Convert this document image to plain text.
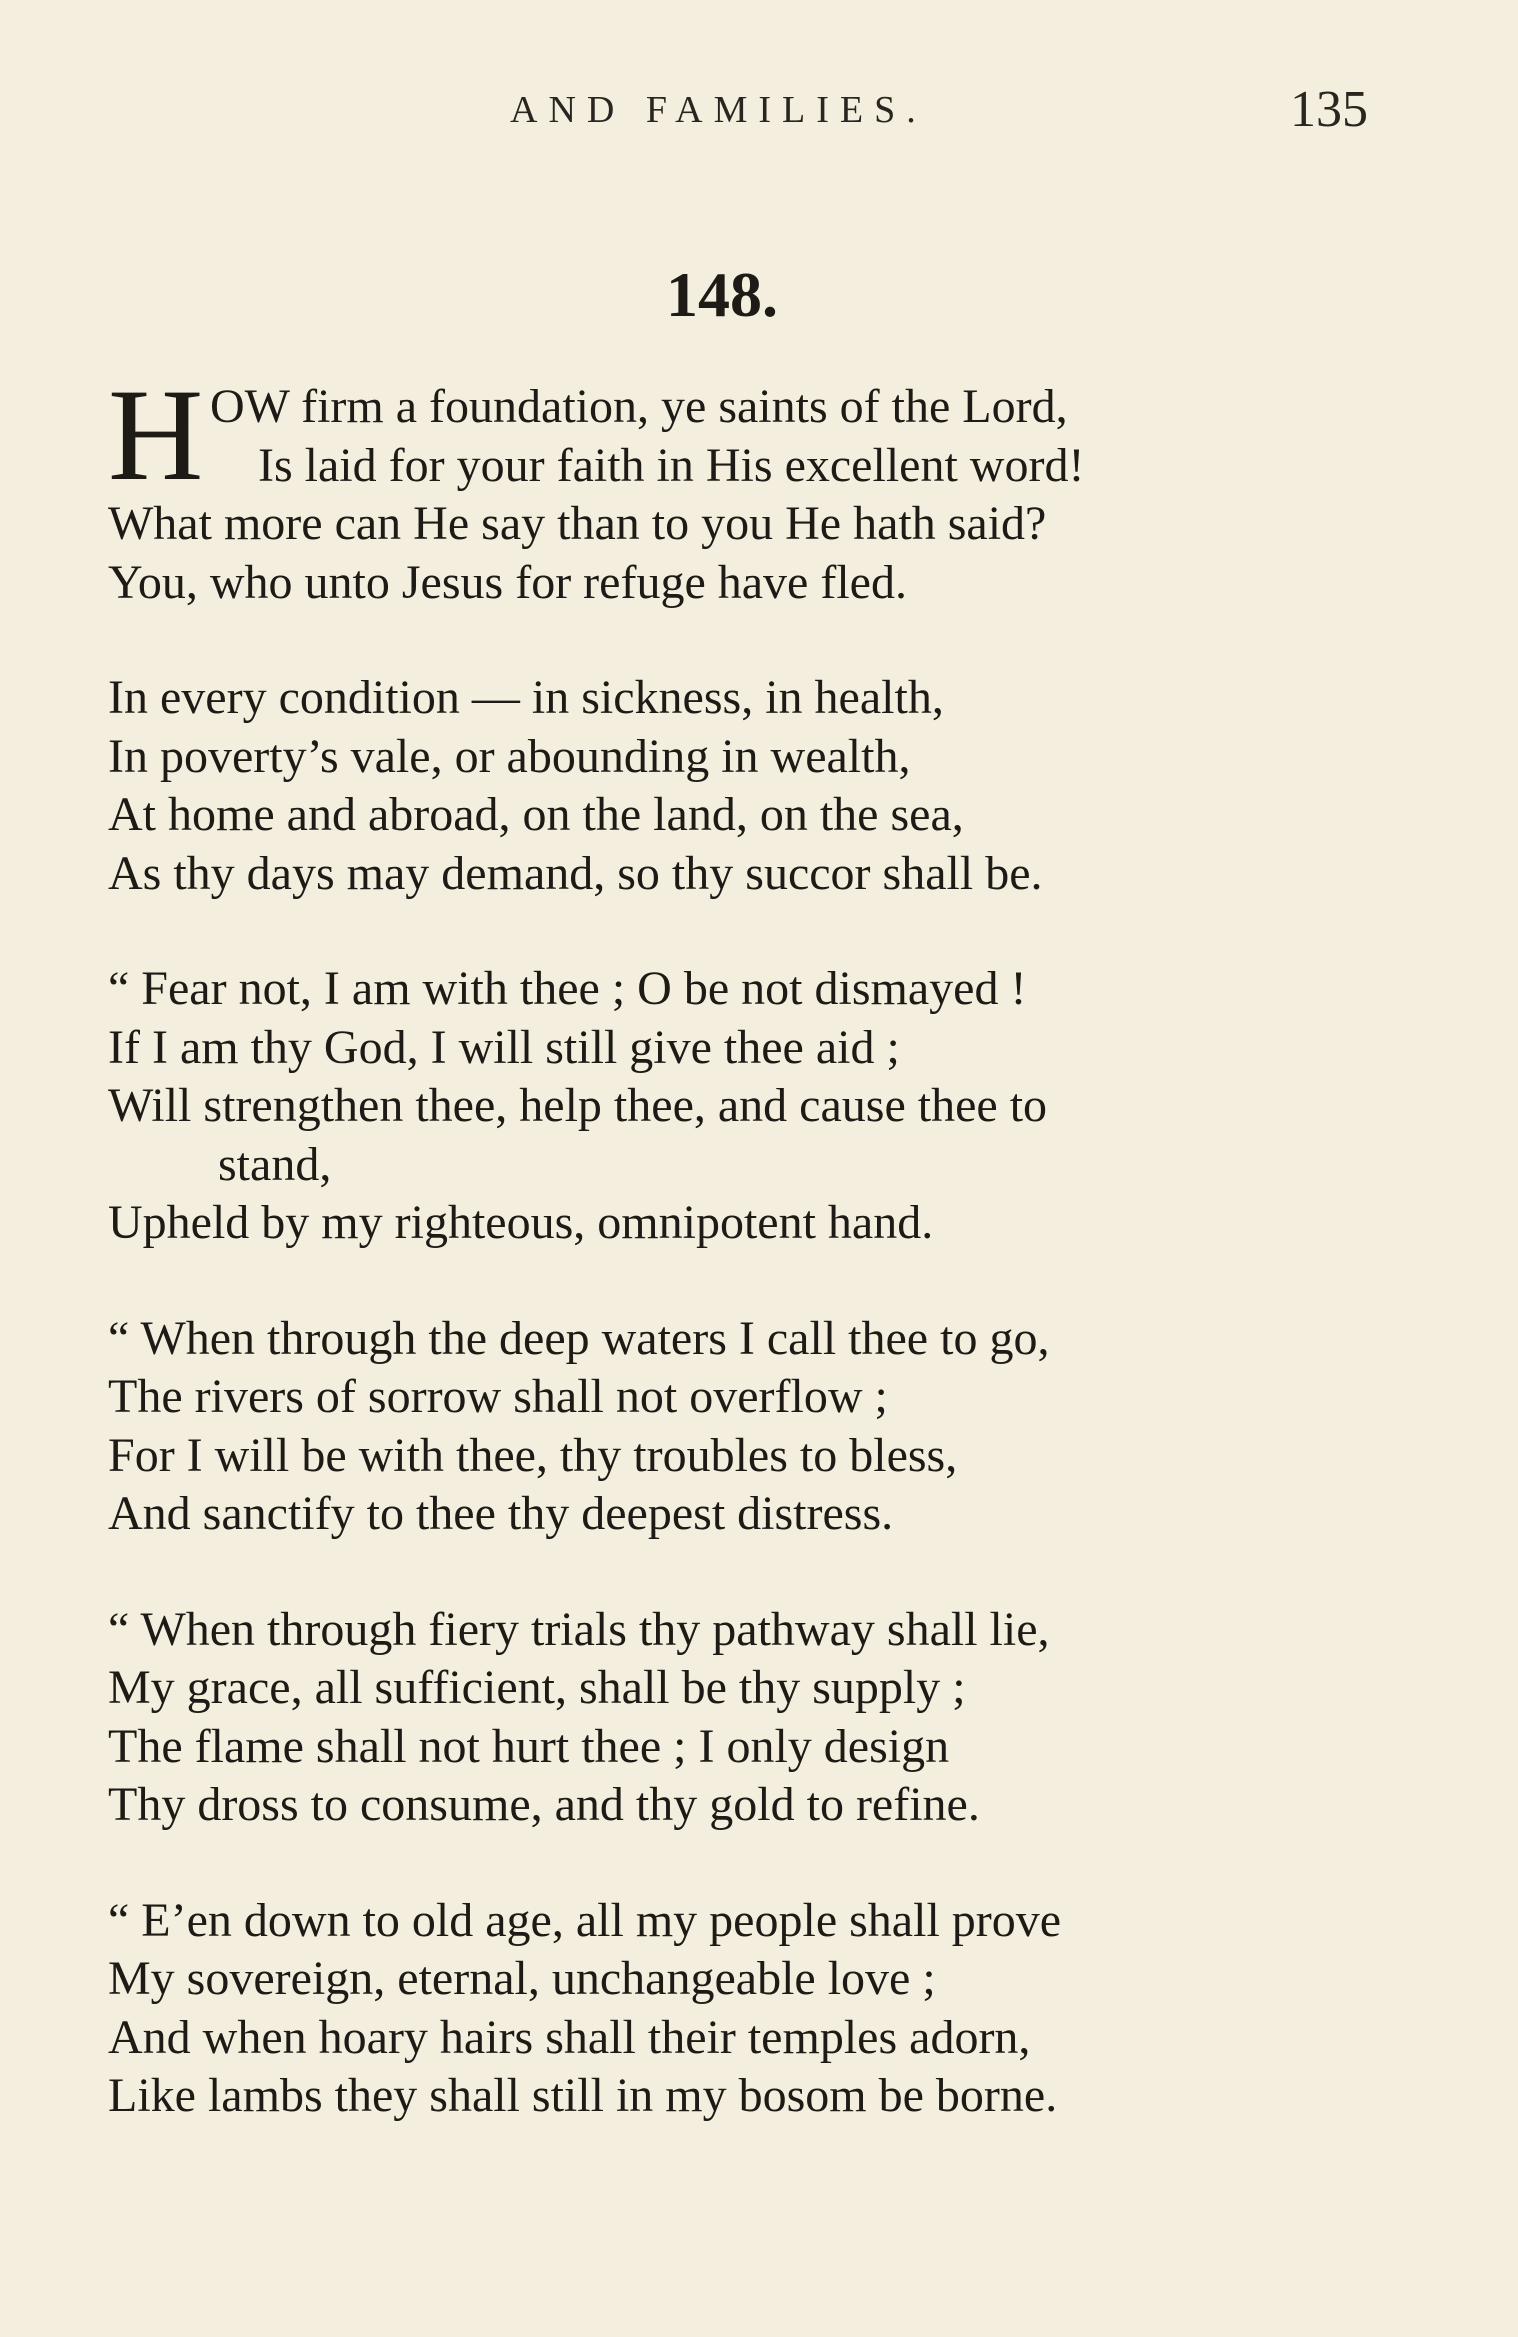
AND FAMILIES.	135
148.
H OW firm a foundation, ye saints of the Lord,
Is laid for your faith in His excellent word!
What more can He say than to you He hath said?
You, who unto Jesus for refuge have fled.
In every condition — in sickness, in health,
In poverty’s vale, or abounding in wealth,
At home and abroad, on the land, on the sea,
As thy days may demand, so thy succor shall be.
“ Fear not, I am with thee ; O be not dismayed !
If I am thy God, I will still give thee aid ;
Will strengthen thee, help thee, and cause thee to
stand,
Upheld by my righteous, omnipotent hand.
“ When through the deep waters I call thee to go,
The rivers of sorrow shall not overflow ;
For I will be with thee, thy troubles to bless,
And sanctify to thee thy deepest distress.
“ When through fiery trials thy pathway shall lie,
My grace, all sufficient, shall be thy supply ;
The flame shall not hurt thee ; I only design
Thy dross to consume, and thy gold to refine.
“ E’en down to old age, all my people shall prove
My sovereign, eternal, unchangeable love ;
And when hoary hairs shall their temples adorn,
Like lambs they shall still in my bosom be borne.
